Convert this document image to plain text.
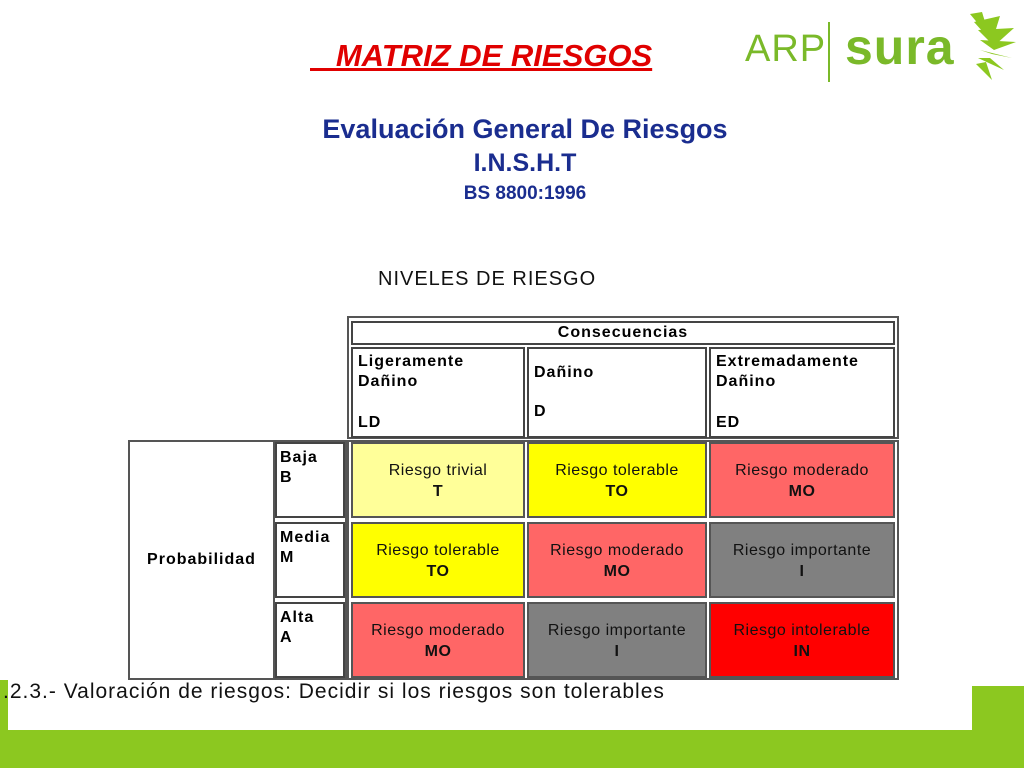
MATRIZ DE RIESGOS
Evaluación General De Riesgos
I.N.S.H.T
BS 8800:1996
ARP sura
NIVELES DE RIESGO
Consecuencias
Ligeramente
Dañino
LD
Dañino
D
Extremadamente
Dañino
ED
Probabilidad
Baja
B
Media
M
Alta
A
Riesgo trivial
T
Riesgo tolerable
TO
Riesgo moderado
MO
Riesgo tolerable
TO
Riesgo moderado
MO
Riesgo importante
I
Riesgo moderado
MO
Riesgo importante
I
Riesgo intolerable
IN
.2.3.- Valoración de riesgos: Decidir si los riesgos son tolerables
